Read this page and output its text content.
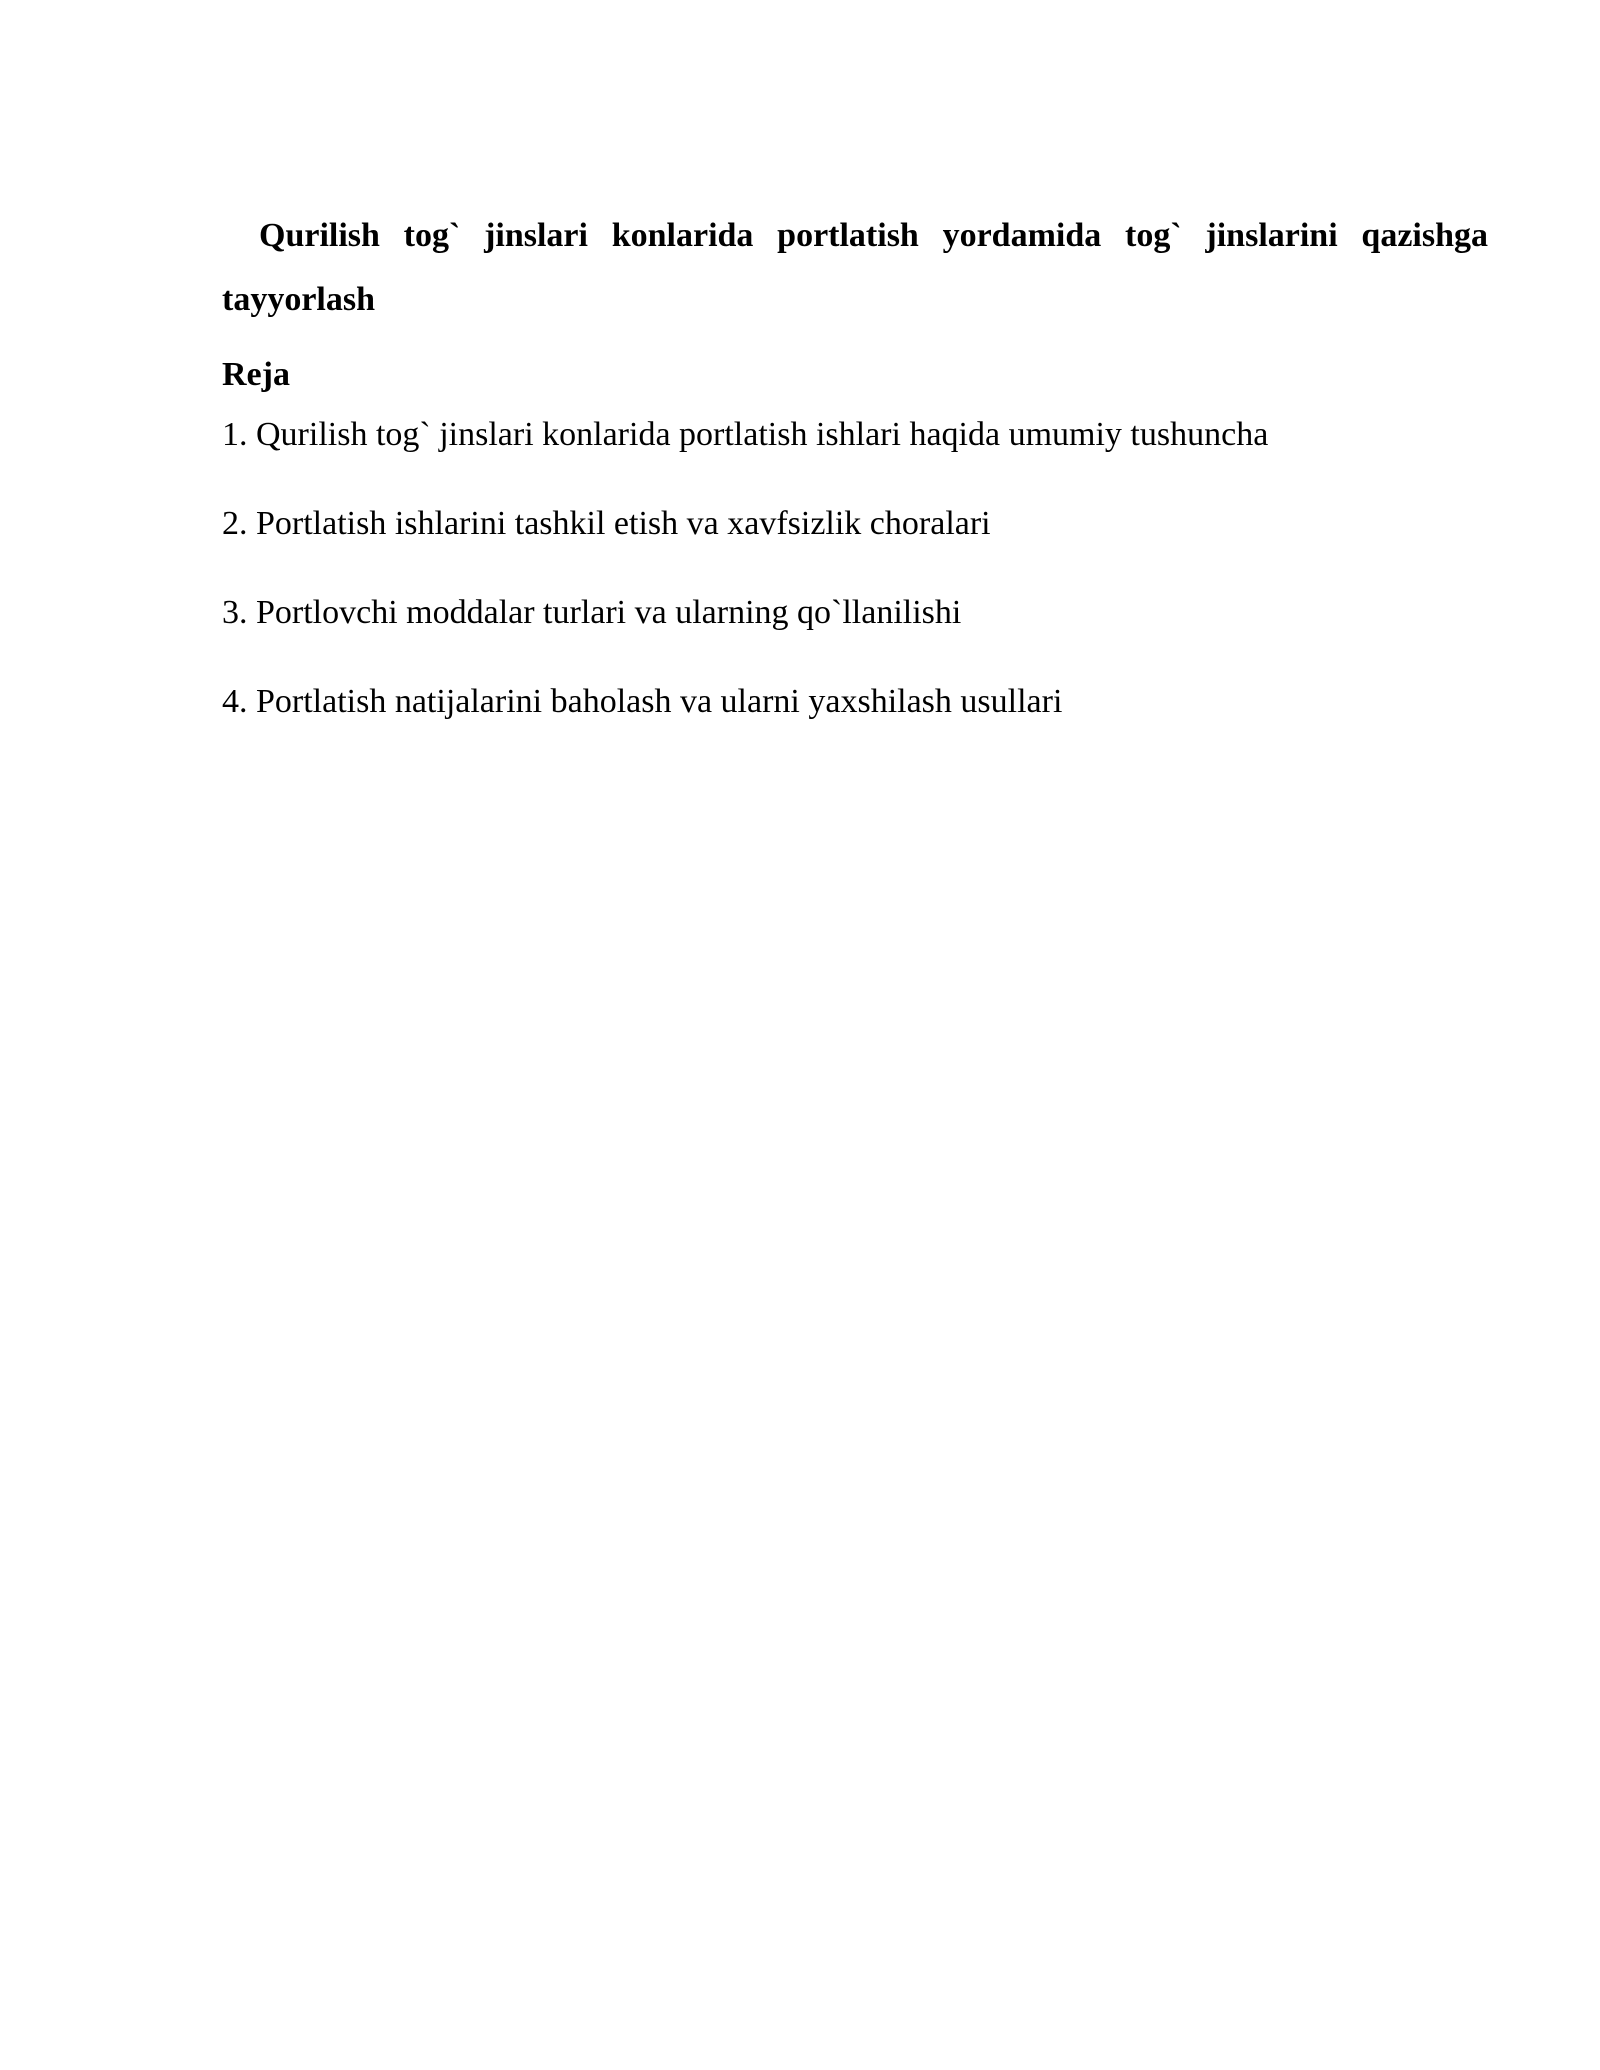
Qurilish tog` jinslari konlarida portlatish yordamida tog` jinslarini qazishga tayyorlash

Reja

1. Qurilish tog` jinslari konlarida portlatish ishlari haqida umumiy tushuncha
2. Portlatish ishlarini tashkil etish va xavfsizlik choralari
3. Portlovchi moddalar turlari va ularning qo`llanilishi
4. Portlatish natijalarini baholash va ularni yaxshilash usullari
